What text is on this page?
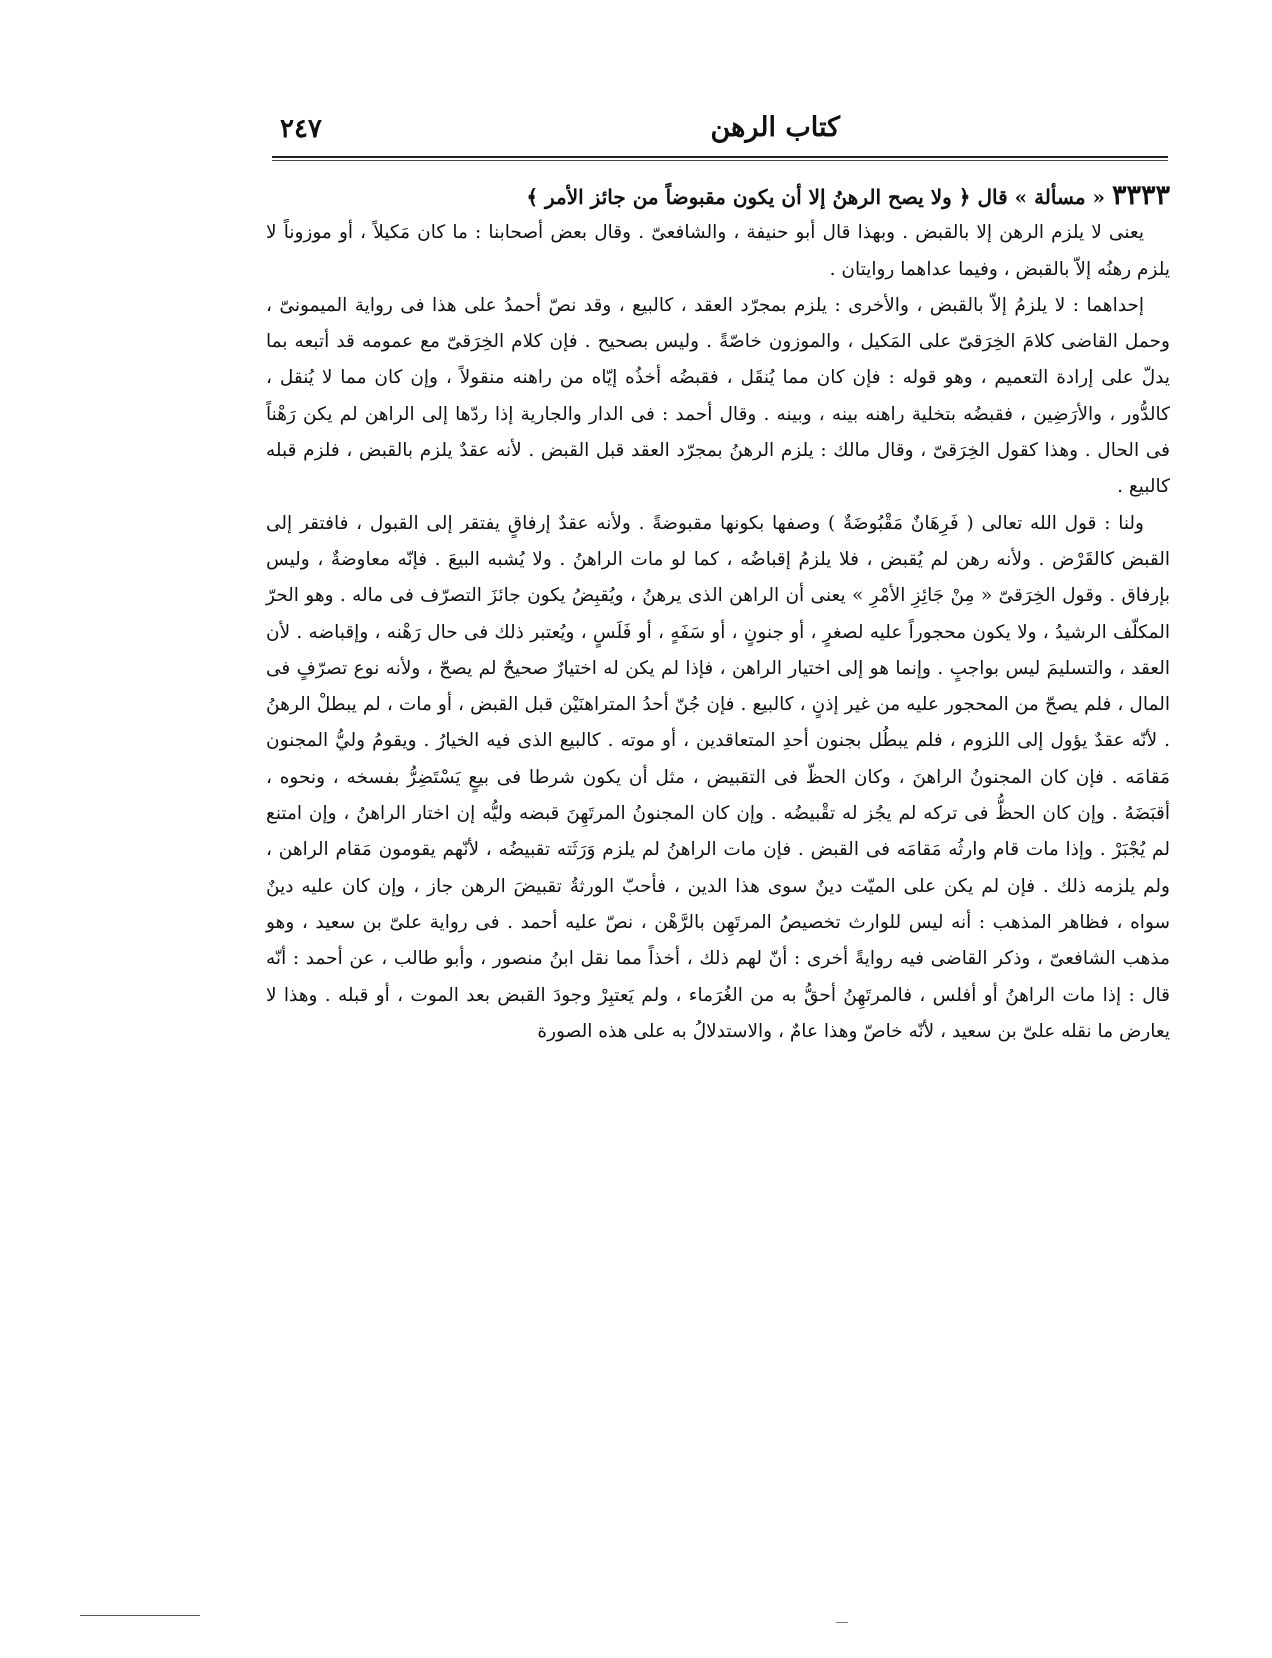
كتاب الرهن
٢٤٧

٣٣٣٣ « مسألة » قال ﴿ ولا يصح الرهنُ إلا أن يكون مقبوضاً من جائز الأمر ﴾

يعنى لا يلزم الرهن إلا بالقبض . وبهذا قال أبو حنيفة ، والشافعىّ . وقال بعض أصحابنا : ما كان مَكيلاً ، أو موزوناً لا يلزم رهنُه إلاّ بالقبض ، وفيما عداهما روايتان .

إحداهما : لا يلزمُ إلاّ بالقبض ، والأخرى : يلزم بمجرّد العقد ، كالبيع ، وقد نصّ أحمدُ على هذا فى رواية الميمونىّ ، وحمل القاضى كلامَ الخِرَقىّ على المَكيل ، والموزون خاصّةً . وليس بصحيح . فإن كلام الخِرَقىّ مع عمومه قد أتبعه بما يدلّ على إرادة التعميم ، وهو قوله : فإن كان مما يُنقَل ، فقبضُه أخذُه إيّاه من راهنه منقولاً ، وإن كان مما لا يُنقل ، كالدُّور ، والأرَضِين ، فقبضُه بتخلية راهنه بينه ، وبينه . وقال أحمد : فى الدار والجارية إذا ردّها إلى الراهن لم يكن رَهْناً فى الحال . وهذا كقول الخِرَقىّ ، وقال مالك : يلزم الرهنُ بمجرّد العقد قبل القبض . لأنه عقدٌ يلزم بالقبض ، فلزم قبله كالبيع .

ولنا : قول الله تعالى ( فَرِهَانٌ مَقْبُوضَةٌ ) وصفها بكونها مقبوضةً . ولأنه عقدٌ إرفاقٍ يفتقر إلى القبول ، فافتقر إلى القبض كالقَرْض . ولأنه رهن لم يُقبض ، فلا يلزمُ إقباضُه ، كما لو مات الراهنُ . ولا يُشبه البيعَ . فإنّه معاوضةٌ ، وليس بإرفاق . وقول الخِرَقىّ « مِنْ جَائِزِ الأمْرِ » يعنى أن الراهن الذى يرهنُ ، ويُقبِضُ يكون جائزَ التصرّف فى ماله . وهو الحرّ المكلّف الرشيدُ ، ولا يكون محجوراً عليه لصغرٍ ، أو جنونٍ ، أو سَفَهٍ ، أو فَلَسٍ ، ويُعتبر ذلك فى حال رَهْنه ، وإقباضه . لأن العقد ، والتسليمَ ليس بواجبٍ . وإنما هو إلى اختيار الراهن ، فإذا لم يكن له اختيارٌ صحيحٌ لم يصحّ ، ولأنه نوع تصرّفٍ فى المال ، فلم يصحّ من المحجور عليه من غير إذنٍ ، كالبيع . فإن جُنّ أحدُ المتراهنَيْن قبل القبض ، أو مات ، لم يبطلْ الرهنُ . لأنّه عقدٌ يؤول إلى اللزوم ، فلم يبطُل بجنون أحدِ المتعاقدين ، أو موته . كالبيع الذى فيه الخيارُ . ويقومُ وليُّ المجنون مَقامَه . فإن كان المجنونُ الراهنَ ، وكان الحظّ فى التقبيض ، مثل أن يكون شرطا فى بيعٍ يَسْتَضِرُّ بفسخه ، ونحوه ، أقبَضَهُ . وإن كان الحظُّ فى تركه لم يجُز له تقْبيضُه . وإن كان المجنونُ المرتَهِنَ قبضه وليُّه إن اختار الراهنُ ، وإن امتنع لم يُجْبَرْ . وإذا مات قام وارثُه مَقامَه فى القبض . فإن مات الراهنُ لم يلزم وَرَثَته تقبيضُه ، لأنّهم يقومون مَقام الراهن ، ولم يلزمه ذلك . فإن لم يكن على الميّت دينٌ سوى هذا الدين ، فأحبّ الورثةُ تقبيضَ الرهن جاز ، وإن كان عليه دينٌ سواه ، فظاهر المذهب : أنه ليس للوارث تخصيصُ المرتَهِن بالرَّهْن ، نصّ عليه أحمد . فى رواية علىّ بن سعيد ، وهو مذهب الشافعىّ ، وذكر القاضى فيه روايةً أخرى : أنّ لهم ذلك ، أخذاً مما نقل ابنُ منصور ، وأبو طالب ، عن أحمد : أنّه قال : إذا مات الراهنُ أو أفلس ، فالمرتَهِنُ أحقُّ به من الغُرَماء ، ولم يَعتبِرْ وجودَ القبض بعد الموت ، أو قبله . وهذا لا يعارض ما نقله علىّ بن سعيد ، لأنّه خاصّ وهذا عامٌ ، والاستدلالُ به على هذه الصورة
